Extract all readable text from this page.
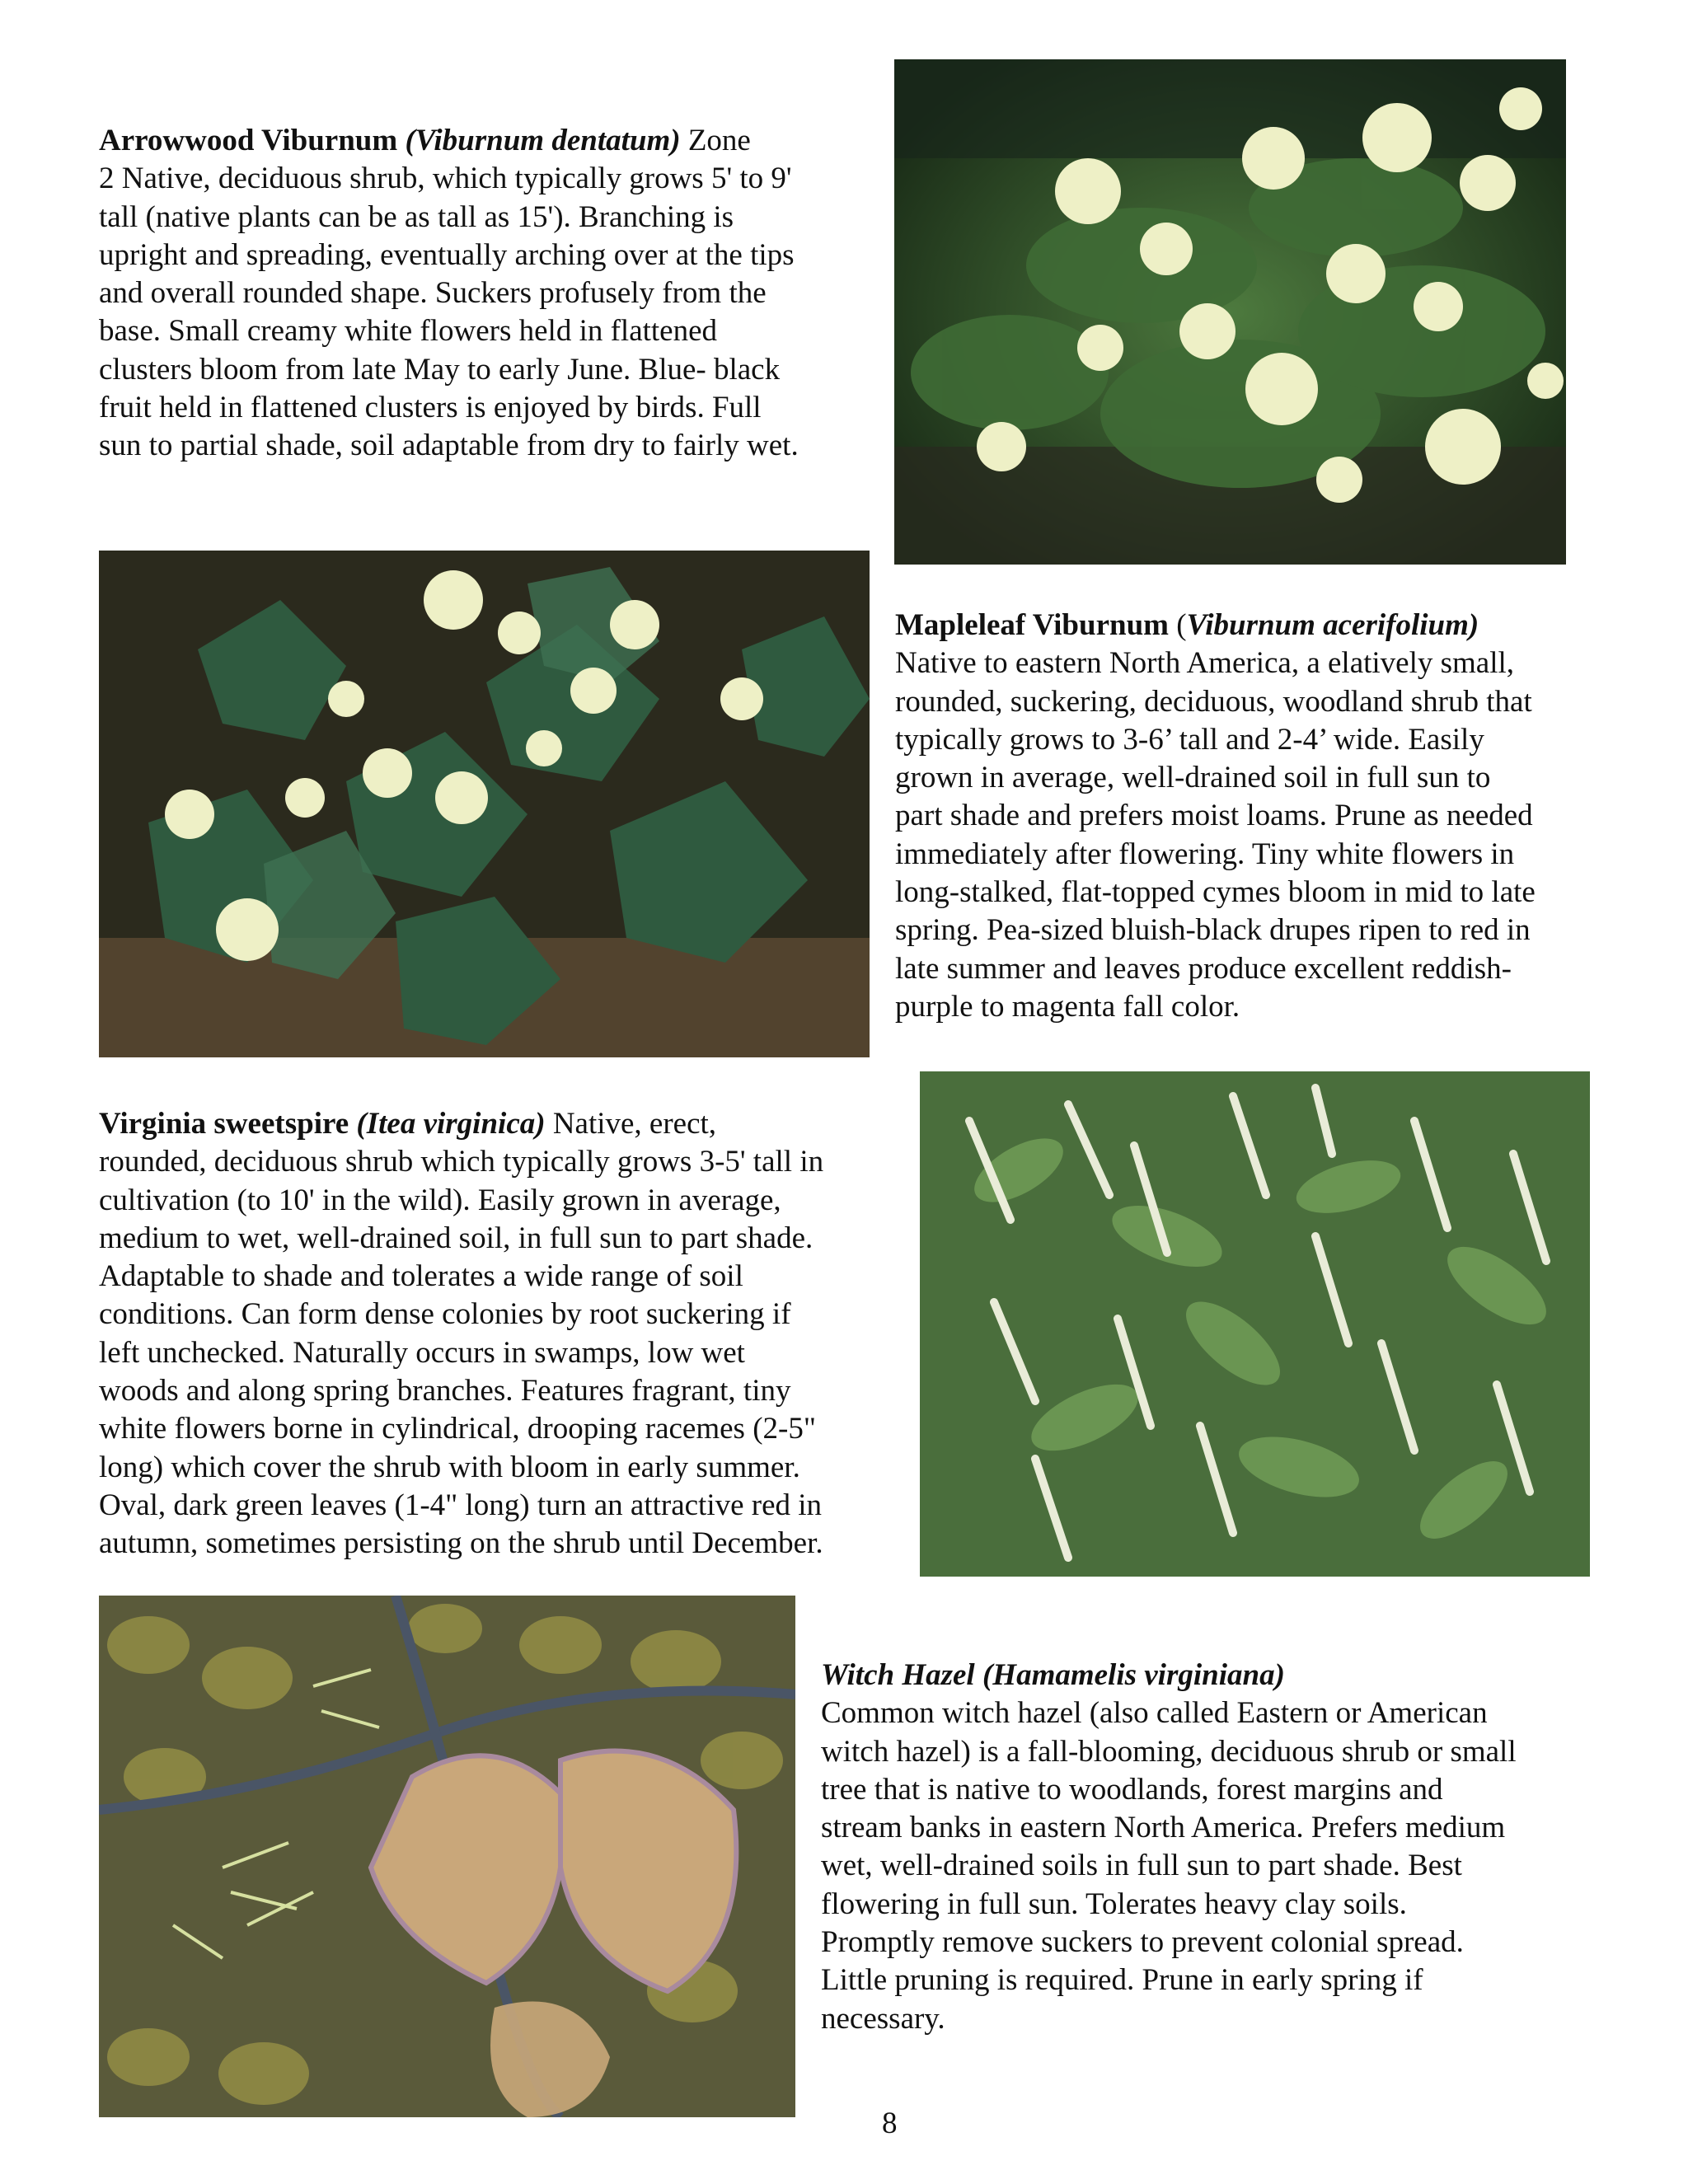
Arrowwood Viburnum (Viburnum dentatum) Zone
2 Native, deciduous shrub, which typically grows 5' to 9'
tall (native plants can be as tall as 15'). Branching is
upright and spreading, eventually arching over at the tips
and overall rounded shape. Suckers profusely from the
base. Small creamy white flowers held in flattened
clusters bloom from late May to early June. Blue- black
fruit held in flattened clusters is enjoyed by birds. Full
sun to partial shade, soil adaptable from dry to fairly wet.
Mapleleaf Viburnum (Viburnum acerifolium)
Native to eastern North America, a elatively small,
rounded, suckering, deciduous, woodland shrub that
typically grows to 3-6’ tall and 2-4’ wide. Easily
grown in average, well-drained soil in full sun to
part shade and prefers moist loams. Prune as needed
immediately after flowering. Tiny white flowers in
long-stalked, flat-topped cymes bloom in mid to late
spring. Pea-sized bluish-black drupes ripen to red in
late summer and leaves produce excellent reddish-
purple to magenta fall color.
Virginia sweetspire (Itea virginica) Native, erect,
rounded, deciduous shrub which typically grows 3-5' tall in
cultivation (to 10' in the wild). Easily grown in average,
medium to wet, well-drained soil, in full sun to part shade.
Adaptable to shade and tolerates a wide range of soil
conditions. Can form dense colonies by root suckering if
left unchecked. Naturally occurs in swamps, low wet
woods and along spring branches. Features fragrant, tiny
white flowers borne in cylindrical, drooping racemes (2-5"
long) which cover the shrub with bloom in early summer.
Oval, dark green leaves (1-4" long) turn an attractive red in
autumn, sometimes persisting on the shrub until December.
Witch Hazel (Hamamelis virginiana)
Common witch hazel (also called Eastern or American
witch hazel) is a fall-blooming, deciduous shrub or small
tree that is native to woodlands, forest margins and
stream banks in eastern North America. Prefers medium
wet, well-drained soils in full sun to part shade. Best
flowering in full sun. Tolerates heavy clay soils.
Promptly remove suckers to prevent colonial spread.
Little pruning is required. Prune in early spring if
necessary.
8
